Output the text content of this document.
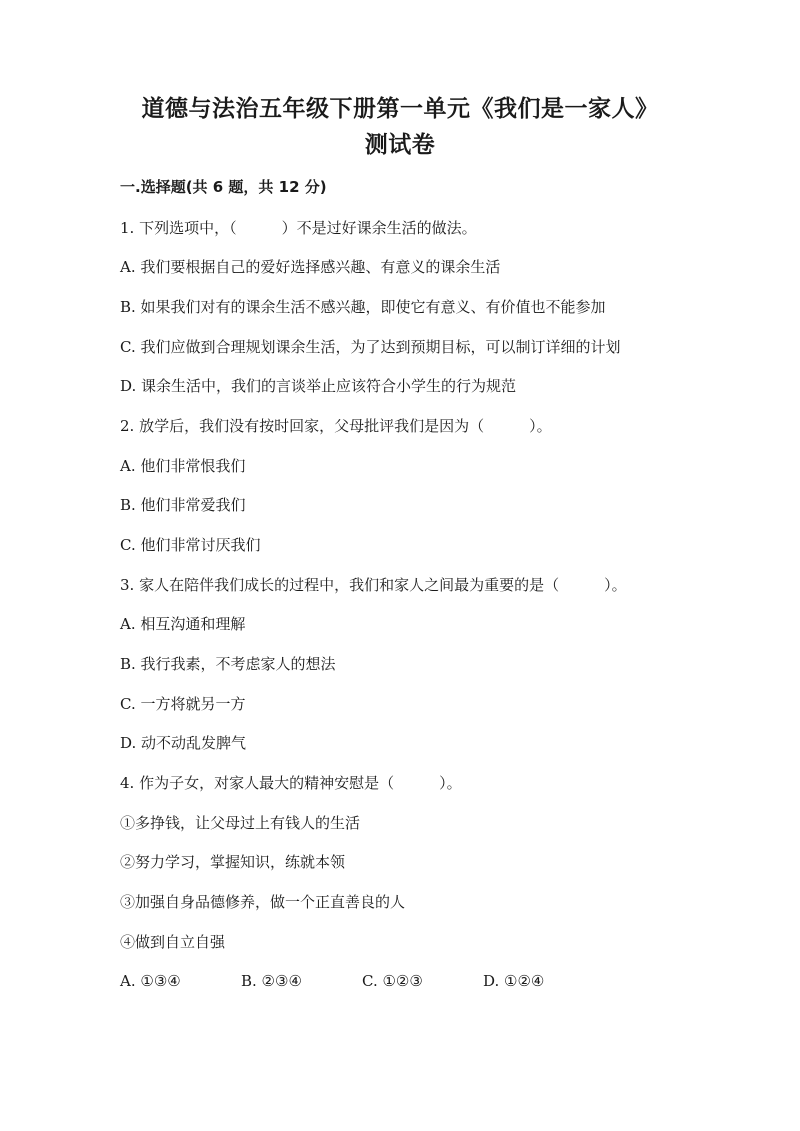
道德与法治五年级下册第一单元《我们是一家人》
测试卷
一.选择题(共 6 题，共 12 分)
1. 下列选项中，（　　　）不是过好课余生活的做法。
A. 我们要根据自己的爱好选择感兴趣、有意义的课余生活
B. 如果我们对有的课余生活不感兴趣，即使它有意义、有价值也不能参加
C. 我们应做到合理规划课余生活，为了达到预期目标，可以制订详细的计划
D. 课余生活中，我们的言谈举止应该符合小学生的行为规范
2. 放学后，我们没有按时回家，父母批评我们是因为（　　　）。
A. 他们非常恨我们
B. 他们非常爱我们
C. 他们非常讨厌我们
3. 家人在陪伴我们成长的过程中，我们和家人之间最为重要的是（　　　）。
A. 相互沟通和理解
B. 我行我素，不考虑家人的想法
C. 一方将就另一方
D. 动不动乱发脾气
4. 作为子女，对家人最大的精神安慰是（　　　）。
①多挣钱，让父母过上有钱人的生活
②努力学习，掌握知识，练就本领
③加强自身品德修养，做一个正直善良的人
④做到自立自强
A. ①③④	B. ②③④	C. ①②③	D. ①②④
